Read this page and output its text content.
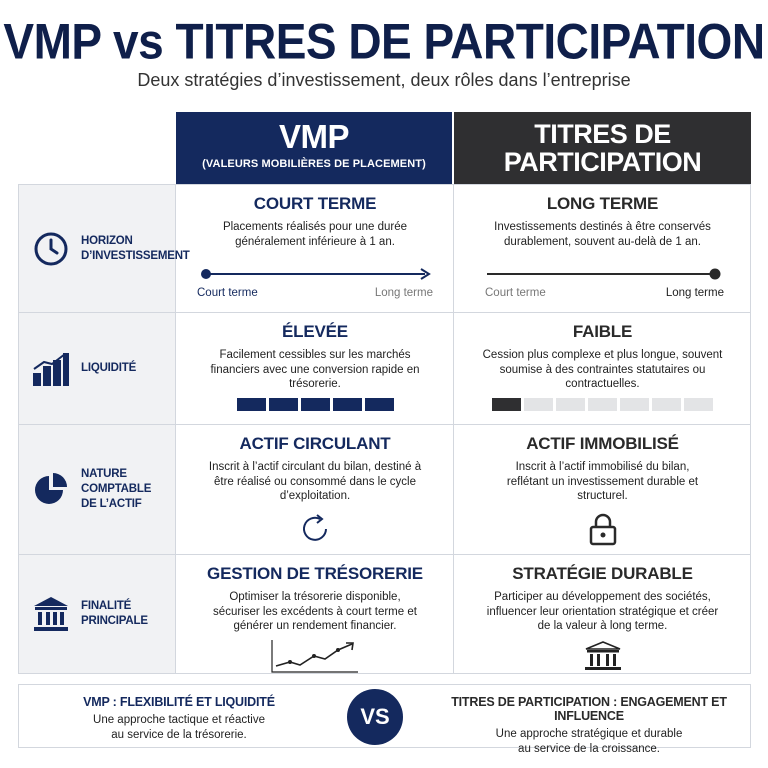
VMP vs TITRES DE PARTICIPATION
Deux stratégies d’investissement, deux rôles dans l’entreprise
VMP
(VALEURS MOBILIÈRES DE PLACEMENT)
TITRES DE
PARTICIPATION
HORIZON
D’INVESTISSEMENT
COURT TERME
Placements réalisés pour une durée généralement inférieure à 1 an.
Court terme	Long terme
LONG TERME
Investissements destinés à être conservés durablement, souvent au-delà de 1 an.
Court terme	Long terme
LIQUIDITÉ
ÉLEVÉE
Facilement cessibles sur les marchés financiers avec une conversion rapide en trésorerie.
FAIBLE
Cession plus complexe et plus longue, souvent soumise à des contraintes statutaires ou contractuelles.
NATURE COMPTABLE
DE L’ACTIF
ACTIF CIRCULANT
Inscrit à l’actif circulant du bilan, destiné à être réalisé ou consommé dans le cycle d’exploitation.
ACTIF IMMOBILISÉ
Inscrit à l’actif immobilisé du bilan, reflétant un investissement durable et structurel.
FINALITÉ
PRINCIPALE
GESTION DE TRÉSORERIE
Optimiser la trésorerie disponible, sécuriser les excédents à court terme et générer un rendement financier.
STRATÉGIE DURABLE
Participer au développement des sociétés, influencer leur orientation stratégique et créer de la valeur à long terme.
VMP : FLEXIBILITÉ ET LIQUIDITÉ
Une approche tactique et réactive
au service de la trésorerie.
VS
TITRES DE PARTICIPATION : ENGAGEMENT ET INFLUENCE
Une approche stratégique et durable
au service de la croissance.
